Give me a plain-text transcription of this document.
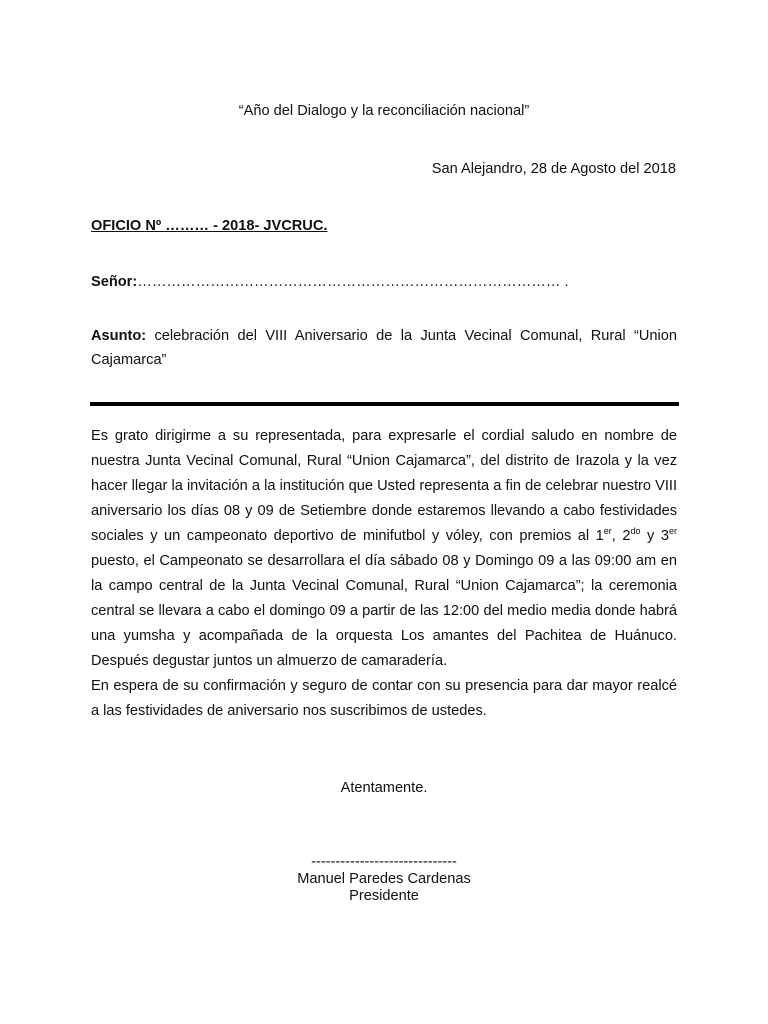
“Año del Dialogo y la reconciliación nacional”
San Alejandro, 28 de Agosto del 2018
OFICIO Nº ……… - 2018- JVCRUC.
Señor:…………………………………………………………………………… .
Asunto: celebración del VIII Aniversario de la Junta Vecinal Comunal, Rural “Union Cajamarca”

Es grato dirigirme a su representada, para expresarle el cordial saludo en nombre de nuestra Junta Vecinal Comunal, Rural “Union Cajamarca”, del distrito de Irazola y la vez hacer llegar la invitación a la institución que Usted representa a fin de celebrar nuestro VIII aniversario los días 08 y 09 de Setiembre donde estaremos llevando a cabo festividades sociales y un campeonato deportivo de minifutbol y vóley, con premios al 1er, $2^{do}$ y 3er puesto, el Campeonato se desarrollara el día sábado 08 y Domingo 09 a las 09:00 am en la campo central de la Junta Vecinal Comunal, Rural “Union Cajamarca”; la ceremonia central se llevara a cabo el domingo 09 a partir de las 12:00 del medio media donde habrá una yumsha y acompañada de la orquesta Los amantes del Pachitea de Huánuco. Después degustar juntos un almuerzo de camaradería.

En espera de su confirmación y seguro de contar con su presencia para dar mayor realcé a las festividades de aniversario nos suscribimos de ustedes.

Atentamente.
------------------------------
Manuel Paredes Cardenas
Presidente
